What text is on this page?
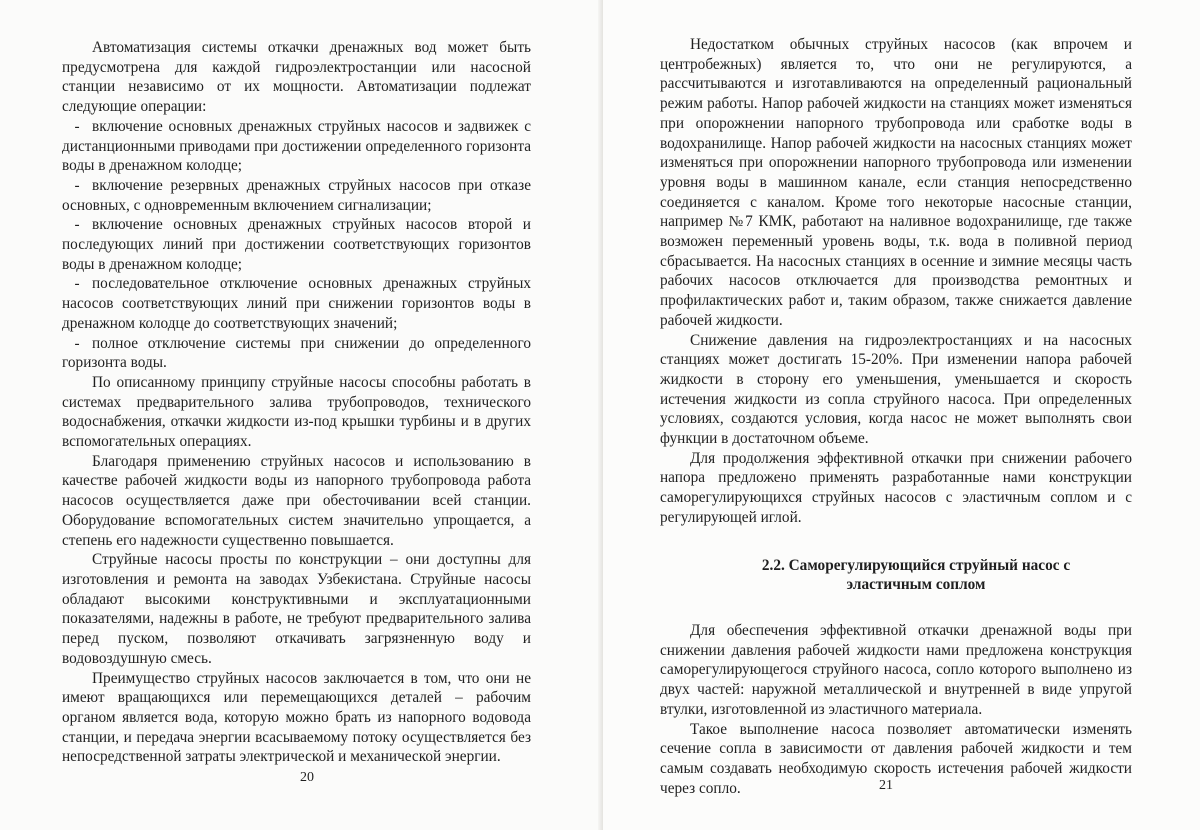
Автоматизация системы откачки дренажных вод может быть предусмотрена для каждой гидроэлектростанции или насосной станции независимо от их мощности. Автоматизации подлежат следующие операции:

- включение основных дренажных струйных насосов и задвижек с дистанционными приводами при достижении определенного горизонта воды в дренажном колодце;

- включение резервных дренажных струйных насосов при отказе основных, с одновременным включением сигнализации;

- включение основных дренажных струйных насосов второй и последующих линий при достижении соответствующих горизонтов воды в дренажном колодце;

- последовательное отключение основных дренажных струйных насосов соответствующих линий при снижении горизонтов воды в дренажном колодце до соответствующих значений;

- полное отключение системы при снижении до определенного горизонта воды.

По описанному принципу струйные насосы способны работать в системах предварительного залива трубопроводов, технического водоснабжения, откачки жидкости из-под крышки турбины и в других вспомогательных операциях.

Благодаря применению струйных насосов и использованию в качестве рабочей жидкости воды из напорного трубопровода работа насосов осуществляется даже при обесточивании всей станции. Оборудование вспомогательных систем значительно упрощается, а степень его надежности существенно повышается.

Струйные насосы просты по конструкции – они доступны для изготовления и ремонта на заводах Узбекистана. Струйные насосы обладают высокими конструктивными и эксплуатационными показателями, надежны в работе, не требуют предварительного залива перед пуском, позволяют откачивать загрязненную воду и водовоздушную смесь.

Преимущество струйных насосов заключается в том, что они не имеют вращающихся или перемещающихся деталей – рабочим органом является вода, которую можно брать из напорного водовода станции, и передача энергии всасываемому потоку осуществляется без непосредственной затраты электрической и механической энергии.

20

Недостатком обычных струйных насосов (как впрочем и центробежных) является то, что они не регулируются, а рассчитываются и изготавливаются на определенный рациональный режим работы. Напор рабочей жидкости на станциях может изменяться при опорожнении напорного трубопровода или сработке воды в водохранилище. Напор рабочей жидкости на насосных станциях может изменяться при опорожнении напорного трубопровода или изменении уровня воды в машинном канале, если станция непосредственно соединяется с каналом. Кроме того некоторые насосные станции, например №7 КМК, работают на наливное водохранилище, где также возможен переменный уровень воды, т.к. вода в поливной период сбрасывается. На насосных станциях в осенние и зимние месяцы часть рабочих насосов отключается для производства ремонтных и профилактических работ и, таким образом, также снижается давление рабочей жидкости.

Снижение давления на гидроэлектростанциях и на насосных станциях может достигать 15-20%. При изменении напора рабочей жидкости в сторону его уменьшения, уменьшается и скорость истечения жидкости из сопла струйного насоса. При определенных условиях, создаются условия, когда насос не может выполнять свои функции в достаточном объеме.

Для продолжения эффективной откачки при снижении рабочего напора предложено применять разработанные нами конструкции саморегулирующихся струйных насосов с эластичным соплом и с регулирующей иглой.

2.2. Саморегулирующийся струйный насос с эластичным соплом

Для обеспечения эффективной откачки дренажной воды при снижении давления рабочей жидкости нами предложена конструкция саморегулирующегося струйного насоса, сопло которого выполнено из двух частей: наружной металлической и внутренней в виде упругой втулки, изготовленной из эластичного материала.

Такое выполнение насоса позволяет автоматически изменять сечение сопла в зависимости от давления рабочей жидкости и тем самым создавать необходимую скорость истечения рабочей жидкости через сопло.	21
